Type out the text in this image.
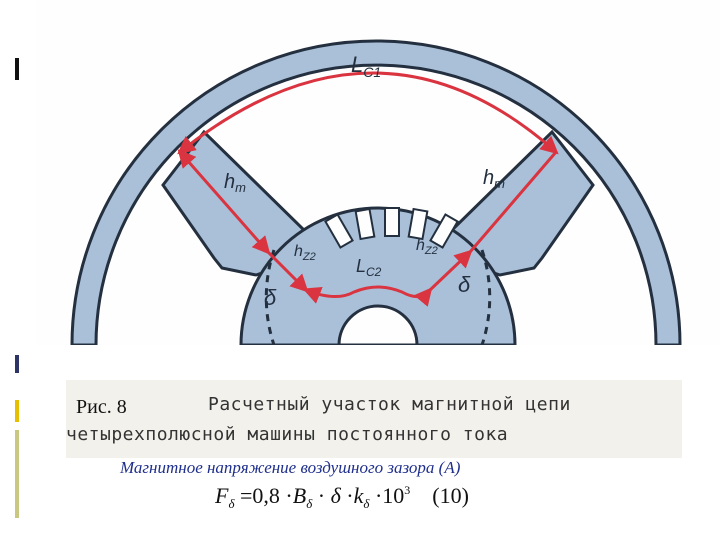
$L_{C1}$
$h_m$	$h_m$
$h_{Z2}$
$h_{Z2}$
$L_{C2}$
δ
δ
Рис. 8	Расчетный участок магнитной цепи
четырехполюсной машины постоянного тока
Магнитное напряжение воздушного зазора (А)
$F_\delta =0,8 \cdot B_\delta \cdot \delta \cdot k_\delta \cdot 10^3$    (10)
